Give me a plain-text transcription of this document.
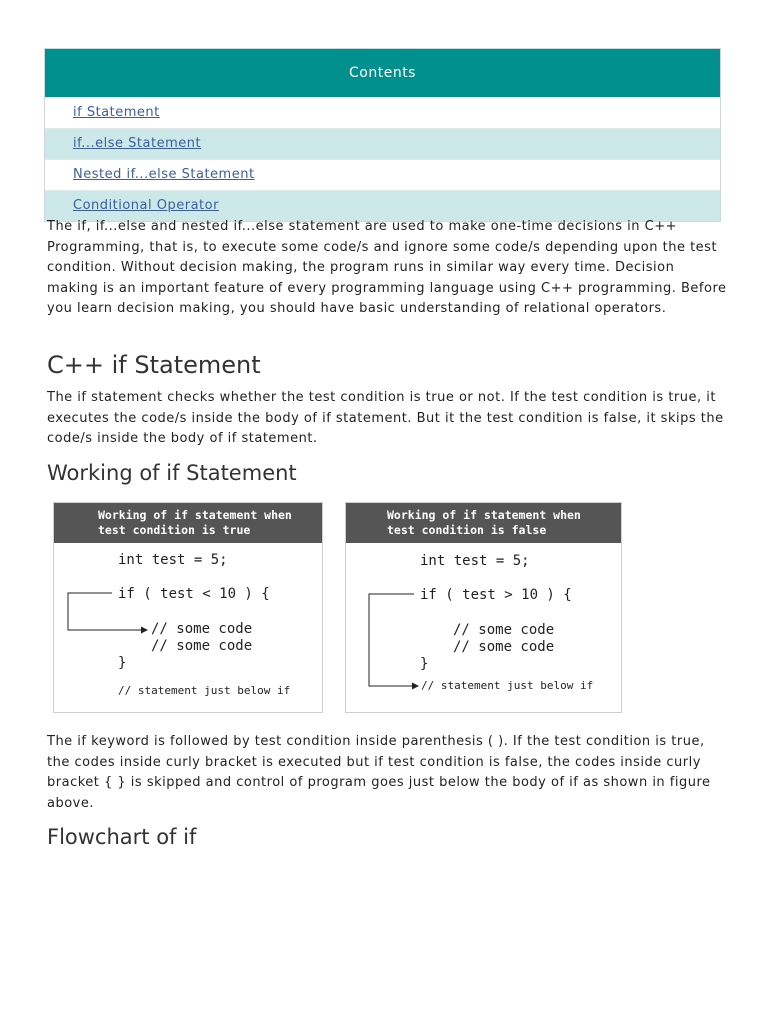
Contents
if Statement
if...else Statement
Nested if...else Statement
Conditional Operator

The if, if...else and nested if...else statement are used to make one-time decisions in C++ Programming, that is, to execute some code/s and ignore some code/s depending upon the test condition. Without decision making, the program runs in similar way every time. Decision making is an important feature of every programming language using C++ programming. Before you learn decision making, you should have basic understanding of relational operators.

C++ if Statement

The if statement checks whether the test condition is true or not. If the test condition is true, it executes the code/s inside the body of if statement. But it the test condition is false, it skips the code/s inside the body of if statement.

Working of if Statement
Working of if statement when
test condition is true
int test = 5;
if ( test < 10 ) {
// some code
// some code
}
// statement just below if
Working of if statement when
test condition is false
int test = 5;
if ( test > 10 ) {
// some code
// some code
}
// statement just below if

The if keyword is followed by test condition inside parenthesis ( ). If the test condition is true, the codes inside curly bracket is executed but if test condition is false, the codes inside curly bracket { } is skipped and control of program goes just below the body of if as shown in figure above.

Flowchart of if
